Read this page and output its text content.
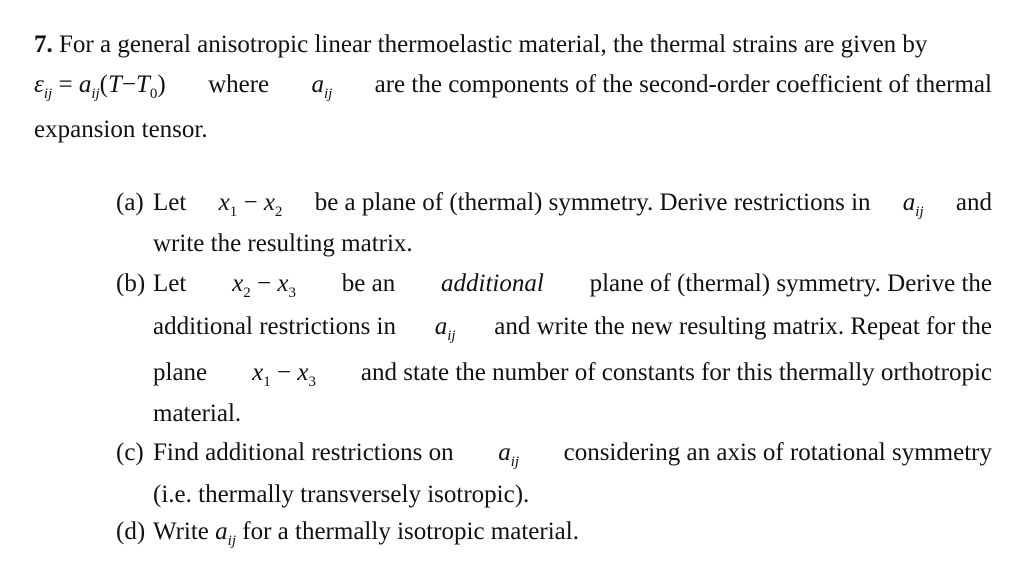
7. For a general anisotropic linear thermoelastic material, the thermal strains are given by
$\varepsilon_{ij} = a_{ij}(T-T_0)$ where $a_{ij}$ are the components of the second-order coefficient of thermal
expansion tensor.
(a) Let $x_1 - x_2$ be a plane of (thermal) symmetry. Derive restrictions in $a_{ij}$ and
write the resulting matrix.
(b) Let $x_2 - x_3$ be an additional plane of (thermal) symmetry. Derive the
additional restrictions in $a_{ij}$ and write the new resulting matrix. Repeat for the
plane $x_1 - x_3$ and state the number of constants for this thermally orthotropic
material.
(c) Find additional restrictions on $a_{ij}$ considering an axis of rotational symmetry
(i.e. thermally transversely isotropic).
(d) Write $a_{ij}$ for a thermally isotropic material.
